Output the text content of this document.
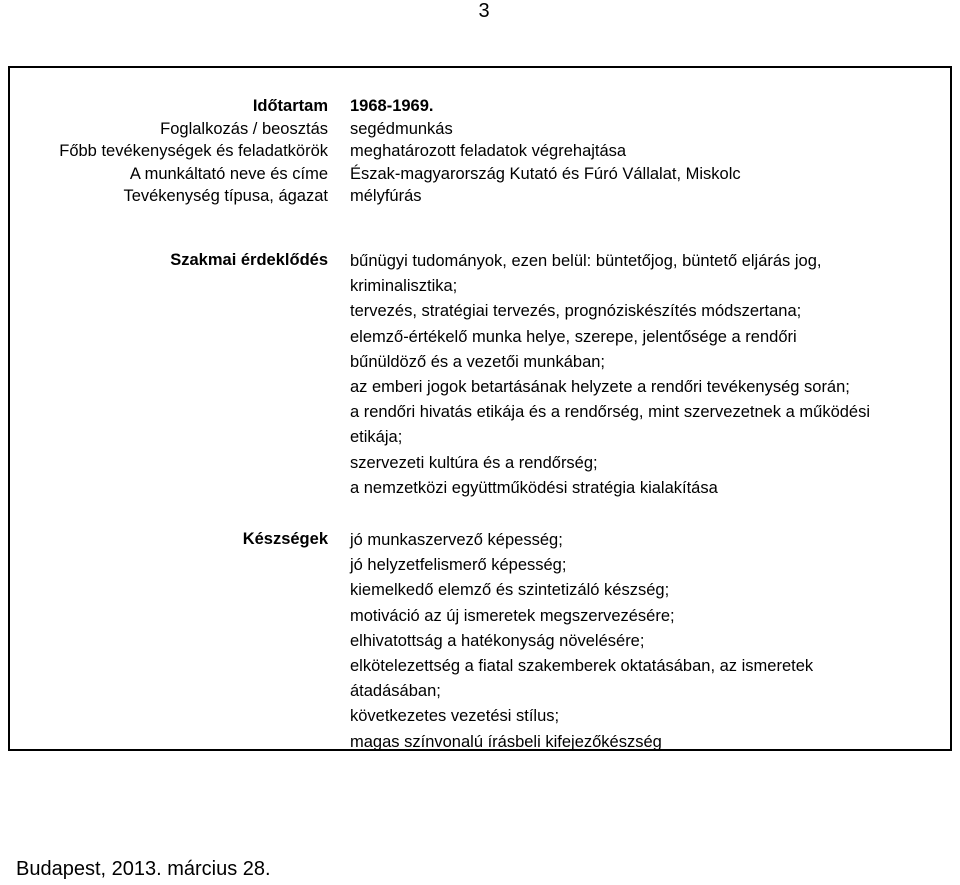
3
Időtartam
Foglalkozás / beosztás
Főbb tevékenységek és feladatkörök
A munkáltató neve és címe
Tevékenység típusa, ágazat
1968-1969.
segédmunkás
meghatározott feladatok végrehajtása
Észak-magyarország Kutató és Fúró Vállalat, Miskolc
mélyfúrás
Szakmai érdeklődés bűnügyi tudományok, ezen belül: büntetőjog, büntető eljárás jog,
kriminalisztika;
tervezés, stratégiai tervezés, prognóziskészítés módszertana;
elemző-értékelő munka helye, szerepe, jelentősége a rendőri
bűnüldöző és a vezetői munkában;
az emberi jogok betartásának helyzete a rendőri tevékenység során;
a rendőri hivatás etikája és a rendőrség, mint szervezetnek a működési
etikája;
szervezeti kultúra és a rendőrség;
a nemzetközi együttműködési stratégia kialakítása
Készségek jó munkaszervező képesség;
jó helyzetfelismerő képesség;
kiemelkedő elemző és szintetizáló készség;
motiváció az új ismeretek megszervezésére;
elhivatottság a hatékonyság növelésére;
elkötelezettség a fiatal szakemberek oktatásában, az ismeretek
átadásában;
következetes vezetési stílus;
magas színvonalú írásbeli kifejezőkészség
Budapest, 2013. március 28.
